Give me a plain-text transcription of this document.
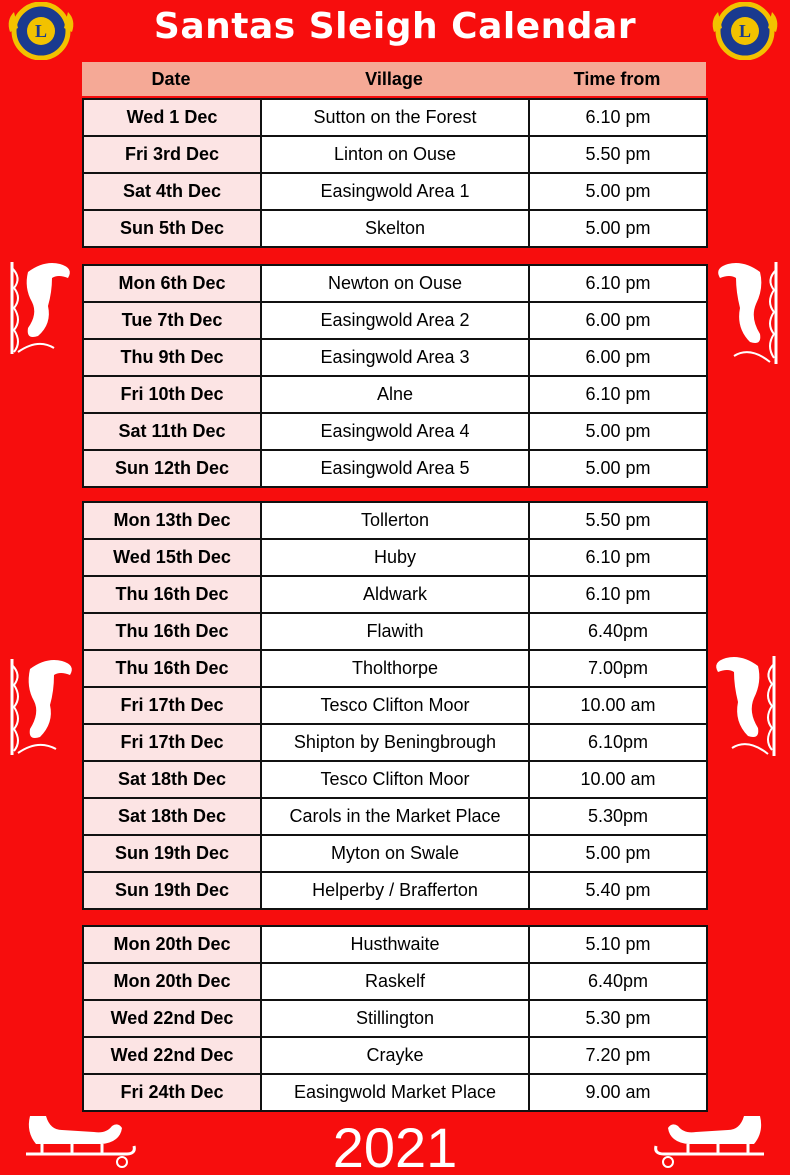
L	L
Santas Sleigh Calendar
Date	Village	Time from
Wed 1 Dec	Sutton on the Forest	6.10 pm
Fri 3rd Dec	Linton on Ouse	5.50 pm
Sat 4th Dec	Easingwold Area 1	5.00 pm
Sun 5th Dec	Skelton	5.00 pm
Mon 6th Dec	Newton on Ouse	6.10 pm
Tue 7th Dec	Easingwold Area 2	6.00 pm
Thu 9th Dec	Easingwold Area 3	6.00 pm
Fri 10th Dec	Alne	6.10 pm
Sat 11th Dec	Easingwold Area 4	5.00 pm
Sun 12th Dec	Easingwold Area 5	5.00 pm
Mon 13th Dec	Tollerton	5.50 pm
Wed 15th Dec	Huby	6.10 pm
Thu 16th Dec	Aldwark	6.10 pm
Thu 16th Dec	Flawith	6.40pm
Thu 16th Dec	Tholthorpe	7.00pm
Fri 17th Dec	Tesco Clifton Moor	10.00 am
Fri 17th Dec	Shipton by Beningbrough	6.10pm
Sat 18th Dec	Tesco Clifton Moor	10.00 am
Sat 18th Dec	Carols in the Market Place	5.30pm
Sun 19th Dec	Myton on Swale	5.00 pm
Sun 19th Dec	Helperby / Brafferton	5.40 pm
Mon 20th Dec	Husthwaite	5.10 pm
Mon 20th Dec	Raskelf	6.40pm
Wed 22nd Dec	Stillington	5.30 pm
Wed 22nd Dec	Crayke	7.20 pm
Fri 24th Dec	Easingwold Market Place	9.00 am
2021
